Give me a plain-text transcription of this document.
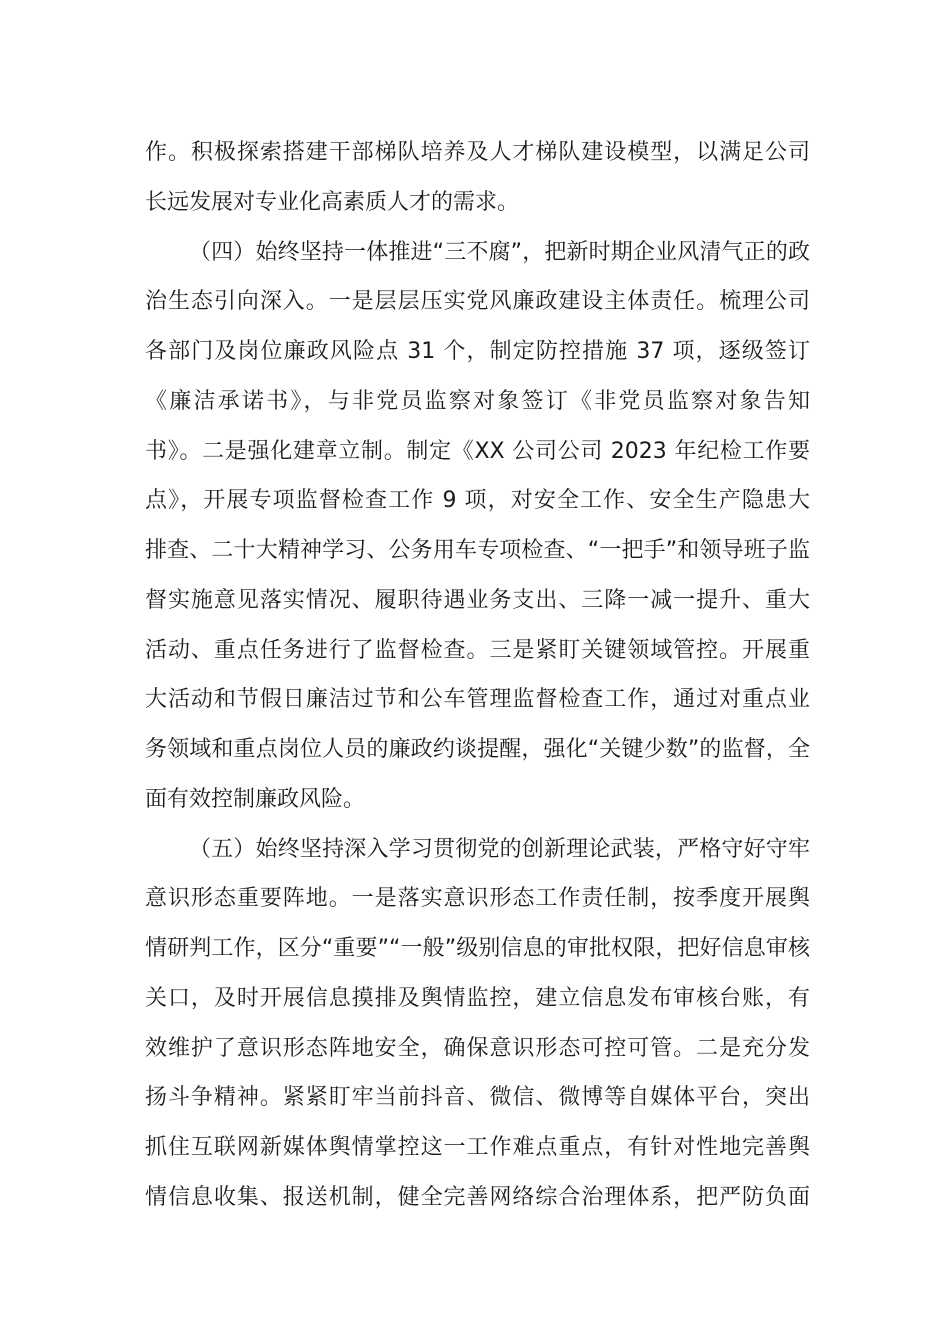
作。积极探索搭建干部梯队培养及人才梯队建设模型，以满足公司
长远发展对专业化高素质人才的需求。
（四）始终坚持一体推进“三不腐”，把新时期企业风清气正的政
治生态引向深入。一是层层压实党风廉政建设主体责任。梳理公司
各部门及岗位廉政风险点 31 个，制定防控措施 37 项，逐级签订
《廉洁承诺书》，与非党员监察对象签订《非党员监察对象告知
书》。二是强化建章立制。制定《XX 公司公司 2023 年纪检工作要
点》，开展专项监督检查工作 9 项，对安全工作、安全生产隐患大
排查、二十大精神学习、公务用车专项检查、“一把手”和领导班子监
督实施意见落实情况、履职待遇业务支出、三降一减一提升、重大
活动、重点任务进行了监督检查。三是紧盯关键领域管控。开展重
大活动和节假日廉洁过节和公车管理监督检查工作，通过对重点业
务领域和重点岗位人员的廉政约谈提醒，强化“关键少数”的监督，全
面有效控制廉政风险。
（五）始终坚持深入学习贯彻党的创新理论武装，严格守好守牢
意识形态重要阵地。一是落实意识形态工作责任制，按季度开展舆
情研判工作，区分“重要”“一般”级别信息的审批权限，把好信息审核
关口，及时开展信息摸排及舆情监控，建立信息发布审核台账，有
效维护了意识形态阵地安全，确保意识形态可控可管。二是充分发
扬斗争精神。紧紧盯牢当前抖音、微信、微博等自媒体平台，突出
抓住互联网新媒体舆情掌控这一工作难点重点，有针对性地完善舆
情信息收集、报送机制，健全完善网络综合治理体系，把严防负面
